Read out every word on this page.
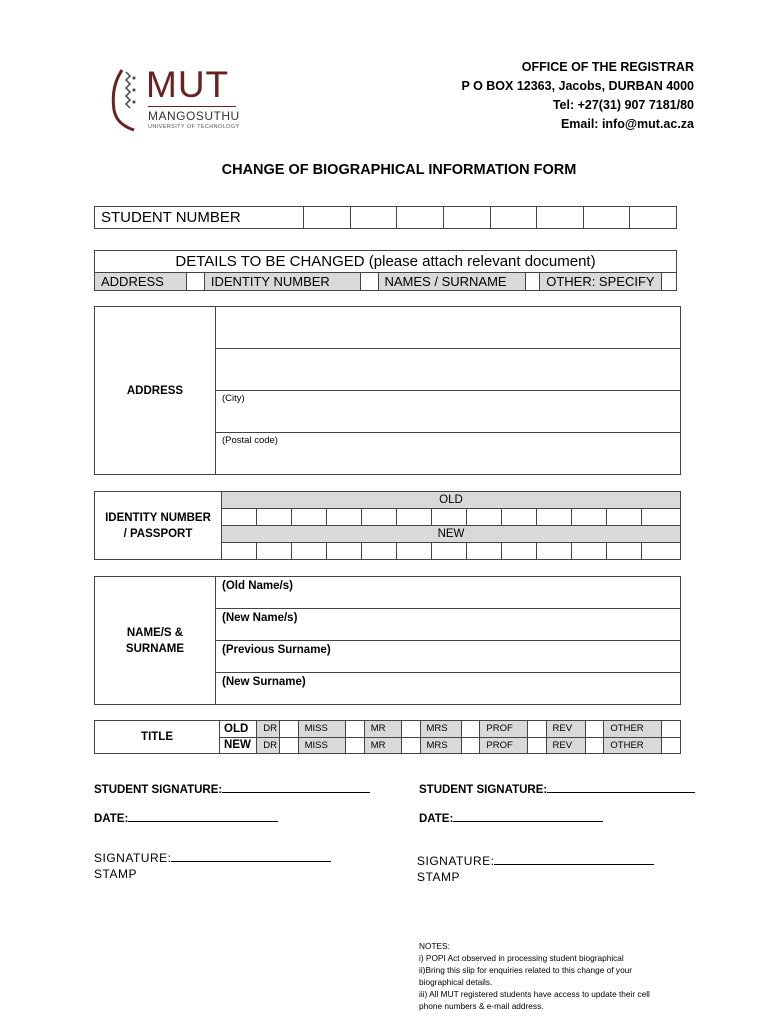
MUT
MANGOSUTHU
UNIVERSITY OF TECHNOLOGY
OFFICE OF THE REGISTRAR
P O BOX 12363, Jacobs, DURBAN 4000
Tel: +27(31) 907 7181/80
Email: info@mut.ac.za
CHANGE OF BIOGRAPHICAL INFORMATION FORM
STUDENT NUMBER								
DETAILS TO BE CHANGED (please attach relevant document)
ADDRESS		IDENTITY NUMBER		NAMES / SURNAME		OTHER: SPECIFY	
ADDRESS	

(City)
(Postal code)
IDENTITY NUMBER
/ PASSPORT	OLD												

	NEW												

NAME/S &
SURNAME
	(Old Name/s)
(New Name/s)
(Previous Surname)
(New Surname)
TITLE	OLD	DR		MISS		MR		MRS		PROF		REV		OTHER	
	NEW	DR		MISS		MR		MRS		PROF		REV		OTHER	
STUDENT SIGNATURE:
DATE:
SIGNATURE:
STAMP
STUDENT SIGNATURE:
DATE:
SIGNATURE:
STAMP
NOTES:
i) POPI Act observed in processing student biographical
ii)Bring this slip for enquiries related to this change of your
biographical details.
iii) All MUT registered students have access to update their cell
phone numbers & e-mail address.
